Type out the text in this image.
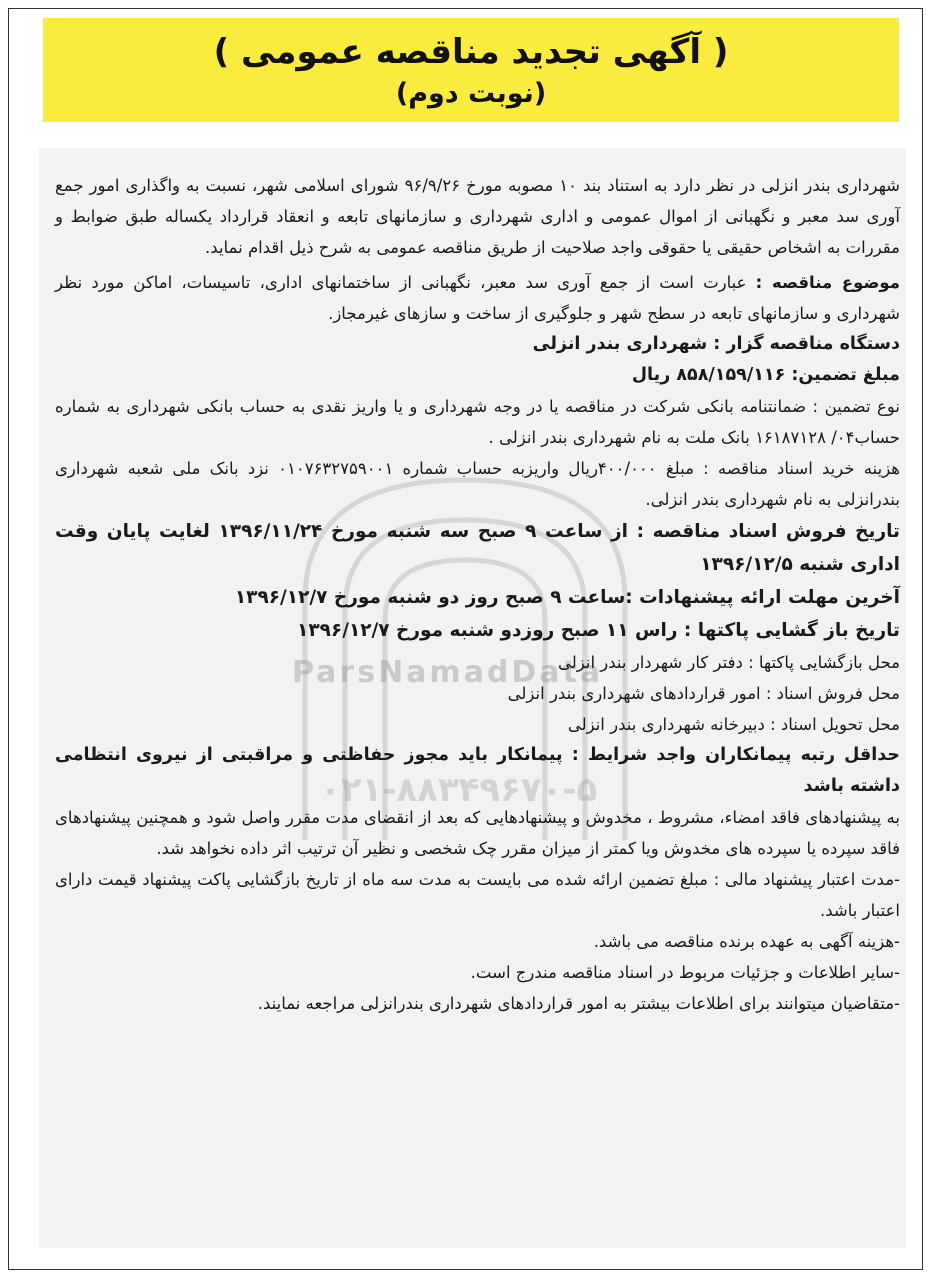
( آگهی تجدید مناقصه عمومی )
(نوبت دوم)
ParsNamadData
۰۲۱-۸۸۳۴۹۶۷۰-۵

شهرداری بندر انزلی در نظر دارد به استناد بند ۱۰ مصوبه مورخ ۹۶/۹/۲۶ شورای اسلامی شهر، نسبت به واگذاری امور جمع آوری سد معبر و نگهبانی از اموال عمومی و اداری شهرداری و سازمانهای تابعه و انعقاد قرارداد یکساله طبق ضوابط و مقررات به اشخاص حقیقی یا حقوقی واجد صلاحیت از طریق مناقصه عمومی به شرح ذیل اقدام نماید.

موضوع مناقصه : عبارت است از جمع آوری سد معبر، نگهبانی از ساختمانهای اداری، تاسیسات، اماکن مورد نظر شهرداری و سازمانهای تابعه در سطح شهر و جلوگیری از ساخت و سازهای غیرمجاز.

دستگاه مناقصه گزار : شهرداری بندر انزلی

مبلغ تضمین: ۸۵۸/۱۵۹/۱۱۶ ریال

نوع تضمین : ضمانتنامه بانکی شرکت در مناقصه یا در وجه شهرداری و یا واریز نقدی به حساب بانکی شهرداری به شماره حساب۰۴/ ۱۶۱۸۷۱۲۸ بانک ملت به نام شهرداری بندر انزلی .

هزینه خرید اسناد مناقصه : مبلغ ۴۰۰/۰۰۰ریال واریزبه حساب شماره ۰۱۰۷۶۳۲۷۵۹۰۰۱ نزد بانک ملی شعبه شهرداری بندرانزلی به نام شهرداری بندر انزلی.

تاریخ فروش اسناد مناقصه : از ساعت ۹ صبح سه شنبه مورخ ۱۳۹۶/۱۱/۲۴ لغایت پایان وقت اداری شنبه ۱۳۹۶/۱۲/۵

آخرین مهلت ارائه پیشنهادات :ساعت ۹ صبح روز دو شنبه مورخ ۱۳۹۶/۱۲/۷

تاریخ باز گشایی پاکتها : راس ۱۱ صبح روزدو شنبه مورخ ۱۳۹۶/۱۲/۷

محل بازگشایی پاکتها : دفتر کار شهردار بندر انزلی

محل فروش اسناد : امور قراردادهای شهرداری بندر انزلی

محل تحویل اسناد : دبیرخانه شهرداری بندر انزلی

حداقل رتبه پیمانکاران واجد شرایط : پیمانکار باید مجوز حفاظتی و مراقبتی از نیروی انتظامی داشته باشد

به پیشنهادهای فاقد امضاء، مشروط ، مخدوش و پیشنهادهایی که بعد از انقضای مدت مقرر واصل شود و همچنین پیشنهادهای فاقد سپرده یا سپرده های مخدوش ویا کمتر از میزان مقرر چک شخصی و نظیر آن ترتیب اثر داده نخواهد شد.

-مدت اعتبار پیشنهاد مالی : مبلغ تضمین ارائه شده می بایست به مدت سه ماه از تاریخ بازگشایی پاکت پیشنهاد قیمت دارای اعتبار باشد.

-هزینه آگهی به عهده برنده مناقصه می باشد.

-سایر اطلاعات و جزئیات مربوط در اسناد مناقصه مندرج است.

-متقاضیان میتوانند برای اطلاعات بیشتر به امور قراردادهای شهرداری بندرانزلی مراجعه نمایند.
